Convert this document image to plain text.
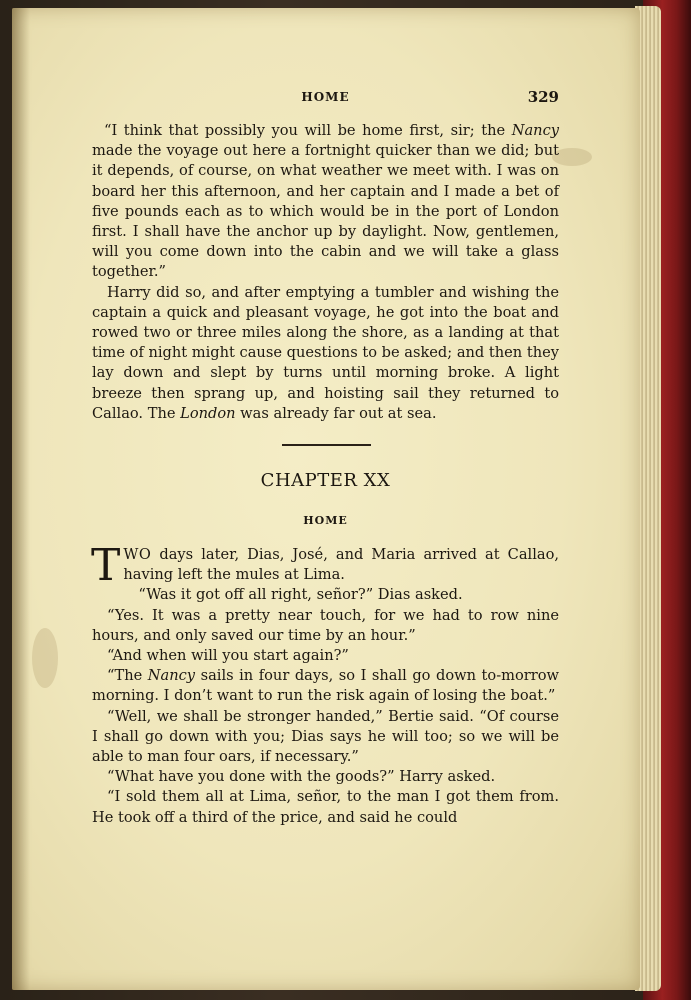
HOME	329

“I think that possibly you will be home first, sir; the Nancy made the voyage out here a fortnight quicker than we did; but it depends, of course, on what weather we meet with. I was on board her this afternoon, and her captain and I made a bet of five pounds each as to which would be in the port of London first. I shall have the anchor up by daylight. Now, gentlemen, will you come down into the cabin and we will take a glass together.”

Harry did so, and after emptying a tumbler and wishing the captain a quick and pleasant voyage, he got into the boat and rowed two or three miles along the shore, as a landing at that time of night might cause questions to be asked; and then they lay down and slept by turns until morning broke. A light breeze then sprang up, and hoisting sail they returned to Callao. The London was already far out at sea.

CHAPTER XX
HOME

TWO days later, Dias, José, and Maria arrived at Callao, having left the mules at Lima.

“Was it got off all right, señor?” Dias asked.

“Yes. It was a pretty near touch, for we had to row nine hours, and only saved our time by an hour.”

“And when will you start again?”

“The Nancy sails in four days, so I shall go down to-morrow morning. I don’t want to run the risk again of losing the boat.”

“Well, we shall be stronger handed,” Bertie said. “Of course I shall go down with you; Dias says he will too; so we will be able to man four oars, if necessary.”

“What have you done with the goods?” Harry asked.

“I sold them all at Lima, señor, to the man I got them from. He took off a third of the price, and said he could
